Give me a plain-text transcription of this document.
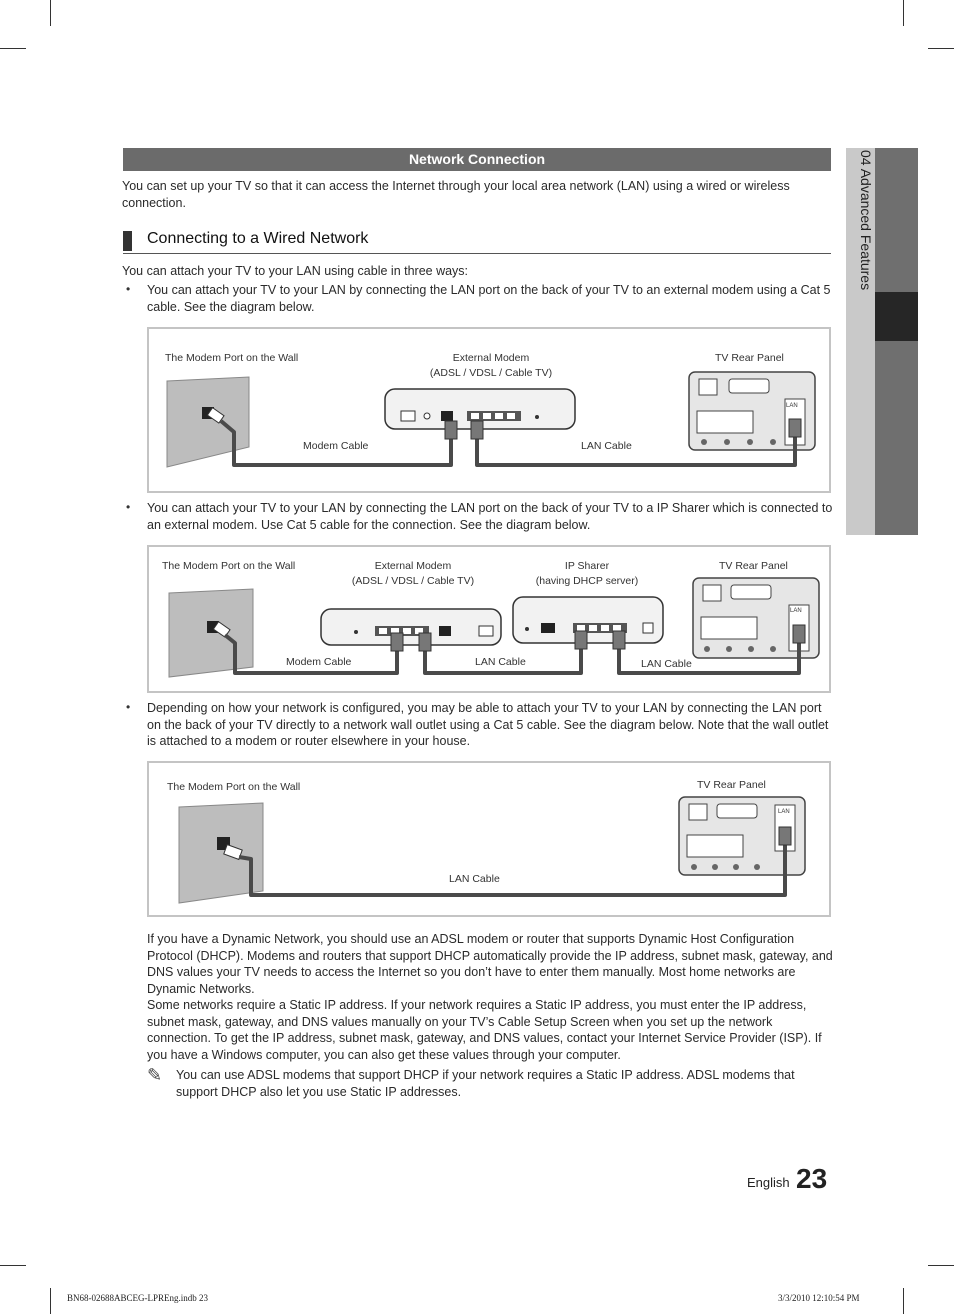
04 Advanced Features
Network Connection
You can set up your TV so that it can access the Internet through your local area network (LAN) using a wired or wireless connection.
Connecting to a Wired Network
You can attach your TV to your LAN using cable in three ways:
• You can attach your TV to your LAN by connecting the LAN port on the back of your TV to an external modem using a Cat 5 cable. See the diagram below.
The Modem Port on the Wall	External Modem
(ADSL / VDSL / Cable TV)
TV Rear Panel
Modem Cable	LAN Cable
LAN
• You can attach your TV to your LAN by connecting the LAN port on the back of your TV to a IP Sharer which is connected to an external modem. Use Cat 5 cable for the connection. See the diagram below.
The Modem Port on the Wall	External Modem
(ADSL / VDSL / Cable TV)
IP Sharer
(having DHCP server)
TV Rear Panel
Modem Cable	LAN Cable	LAN Cable
LAN
• Depending on how your network is configured, you may be able to attach your TV to your LAN by connecting the LAN port on the back of your TV directly to a network wall outlet using a Cat 5 cable. See the diagram below. Note that the wall outlet is attached to a modem or router elsewhere in your house.
The Modem Port on the Wall	TV Rear Panel
LAN Cable
LAN
If you have a Dynamic Network, you should use an ADSL modem or router that supports Dynamic Host Configuration Protocol (DHCP). Modems and routers that support DHCP automatically provide the IP address, subnet mask, gateway, and DNS values your TV needs to access the Internet so you don’t have to enter them manually. Most home networks are Dynamic Networks.
Some networks require a Static IP address. If your network requires a Static IP address, you must enter the IP address, subnet mask, gateway, and DNS values manually on your TV’s Cable Setup Screen when you set up the network connection. To get the IP address, subnet mask, gateway, and DNS values, contact your Internet Service Provider (ISP). If you have a Windows computer, you can also get these values through your computer.
✎ You can use ADSL modems that support DHCP if your network requires a Static IP address. ADSL modems that support DHCP also let you use Static IP addresses.
English 23
BN68-02688ABCEG-LPREng.indb 23	3/3/2010 12:10:54 PM
